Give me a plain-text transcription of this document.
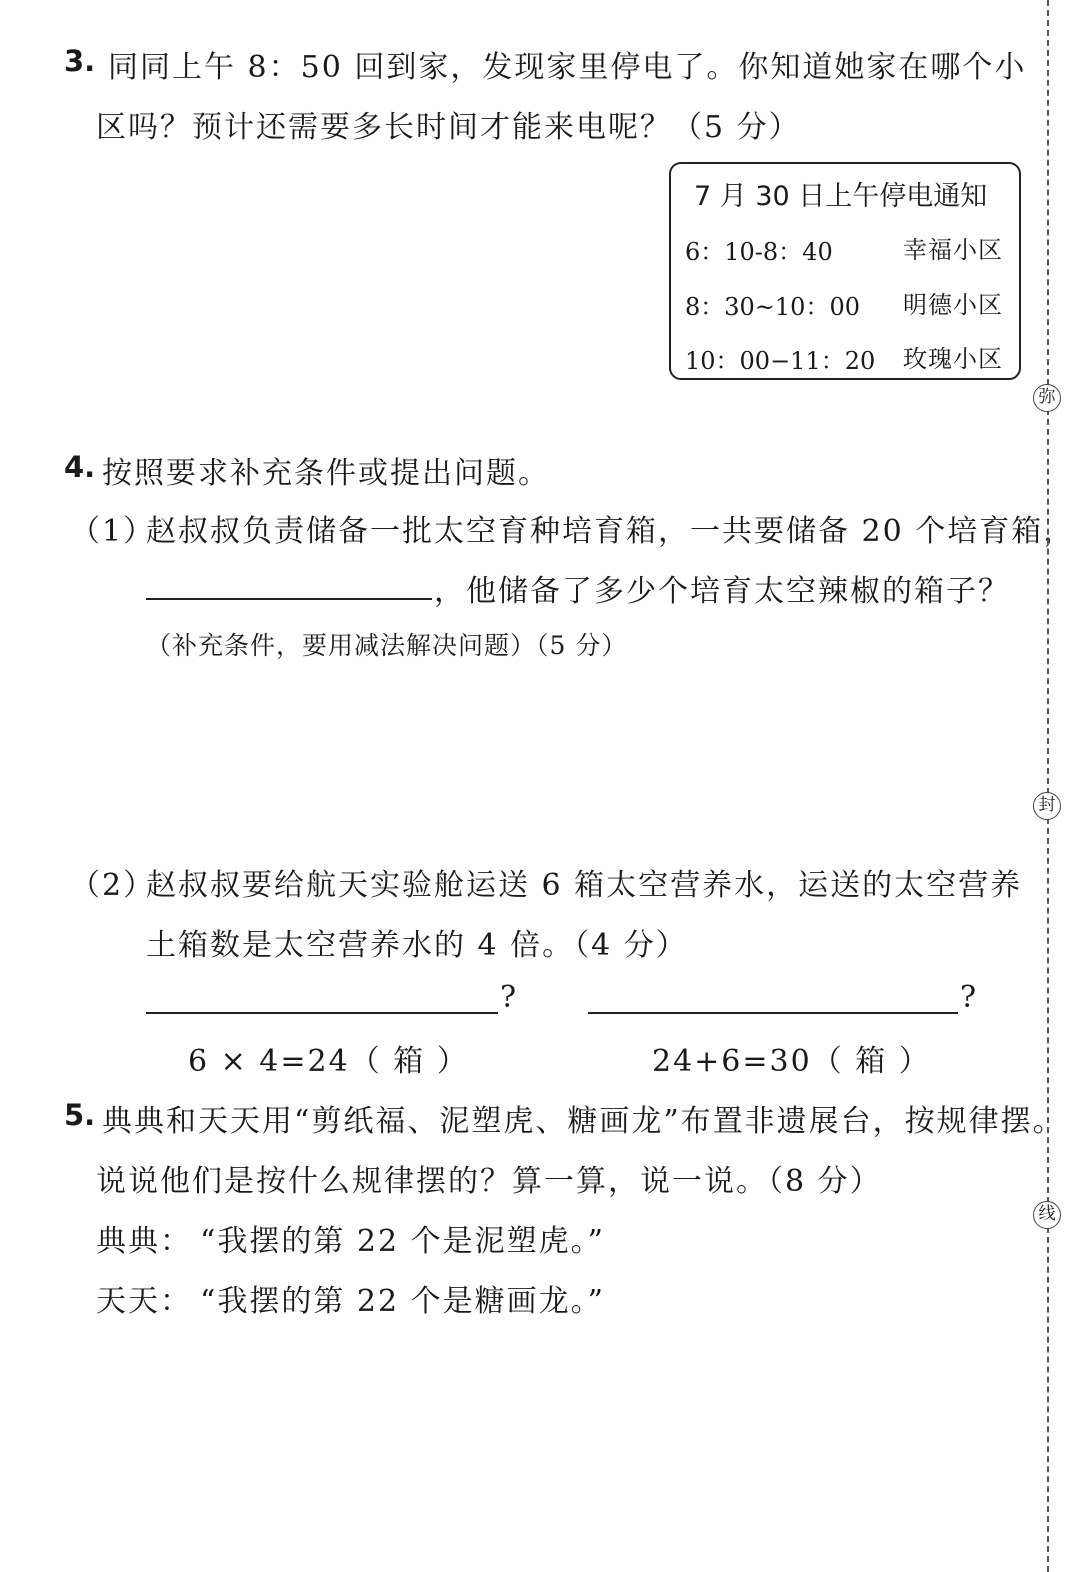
3. 同同上午 8：50 回到家，发现家里停电了。你知道她家在哪个小
区吗？预计还需要多长时间才能来电呢？（5 分）
7 月 30 日上午停电通知
6：10-8：40	幸福小区
8：30~10：00 明德小区
10：00−11：20 玫瑰小区
4. 按照要求补充条件或提出问题。
（1）
赵叔叔负责储备一批太空育种培育箱，一共要储备 20 个培育箱，
，他储备了多少个培育太空辣椒的箱子？
（补充条件，要用减法解决问题）（5 分）
（2）
赵叔叔要给航天实验舱运送 6 箱太空营养水，运送的太空营养
土箱数是太空营养水的 4 倍。（4 分）
?	?
6 × 4=24（ 箱 ）	24+6=30（ 箱 ）
5. 典典和天天用“剪纸福、泥塑虎、糖画龙”布置非遗展台，按规律摆。
说说他们是按什么规律摆的？算一算，说一说。（8 分）
典典： “我摆的第 22 个是泥塑虎。”
天天： “我摆的第 22 个是糖画龙。”
弥
封
线
